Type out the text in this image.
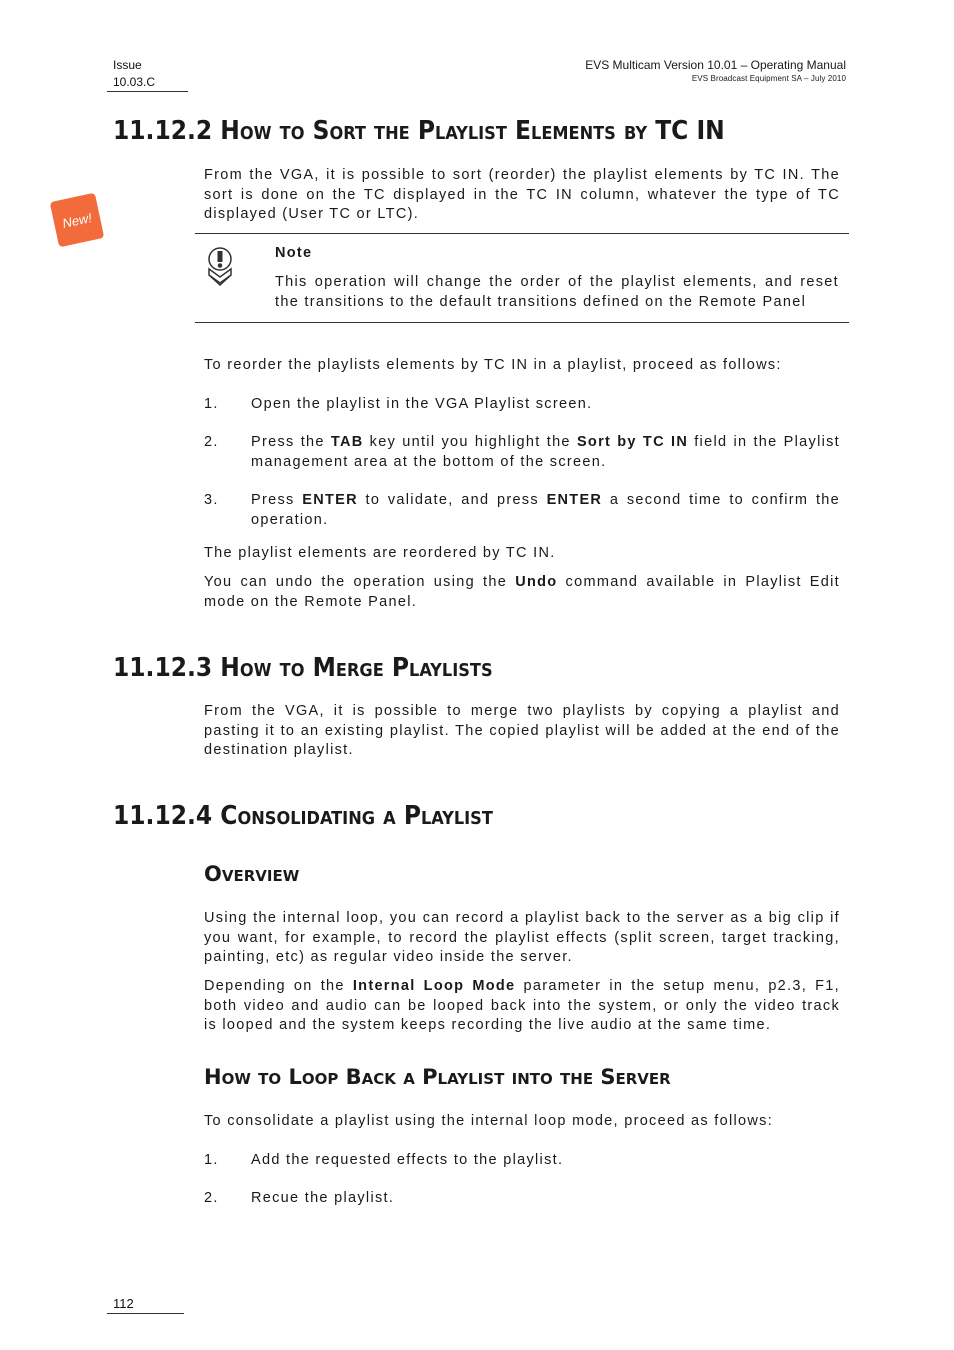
Issue
10.03.C
EVS Multicam Version 10.01 – Operating Manual
EVS Broadcast Equipment SA – July 2010
11.12.2 How to Sort the Playlist Elements by TC IN
New!
From the VGA, it is possible to sort (reorder) the playlist elements by TC IN. The sort is done on the TC displayed in the TC IN column, whatever the type of TC displayed (User TC or LTC).
Note
This operation will change the order of the playlist elements, and reset the transitions to the default transitions defined on the Remote Panel
To reorder the playlists elements by TC IN in a playlist, proceed as follows:
1. Open the playlist in the VGA Playlist screen.
2. Press the TAB key until you highlight the Sort by TC IN field in the Playlist management area at the bottom of the screen.
3. Press ENTER to validate, and press ENTER a second time to confirm the operation.
The playlist elements are reordered by TC IN.
You can undo the operation using the Undo command available in Playlist Edit mode on the Remote Panel.
11.12.3 How to Merge Playlists
From the VGA, it is possible to merge two playlists by copying a playlist and pasting it to an existing playlist. The copied playlist will be added at the end of the destination playlist.
11.12.4 Consolidating a Playlist
Overview
Using the internal loop, you can record a playlist back to the server as a big clip if you want, for example, to record the playlist effects (split screen, target tracking, painting, etc) as regular video inside the server.
Depending on the Internal Loop Mode parameter in the setup menu, p2.3, F1, both video and audio can be looped back into the system, or only the video track is looped and the system keeps recording the live audio at the same time.
How to Loop Back a Playlist into the Server
To consolidate a playlist using the internal loop mode, proceed as follows:
1. Add the requested effects to the playlist.
2. Recue the playlist.
112
